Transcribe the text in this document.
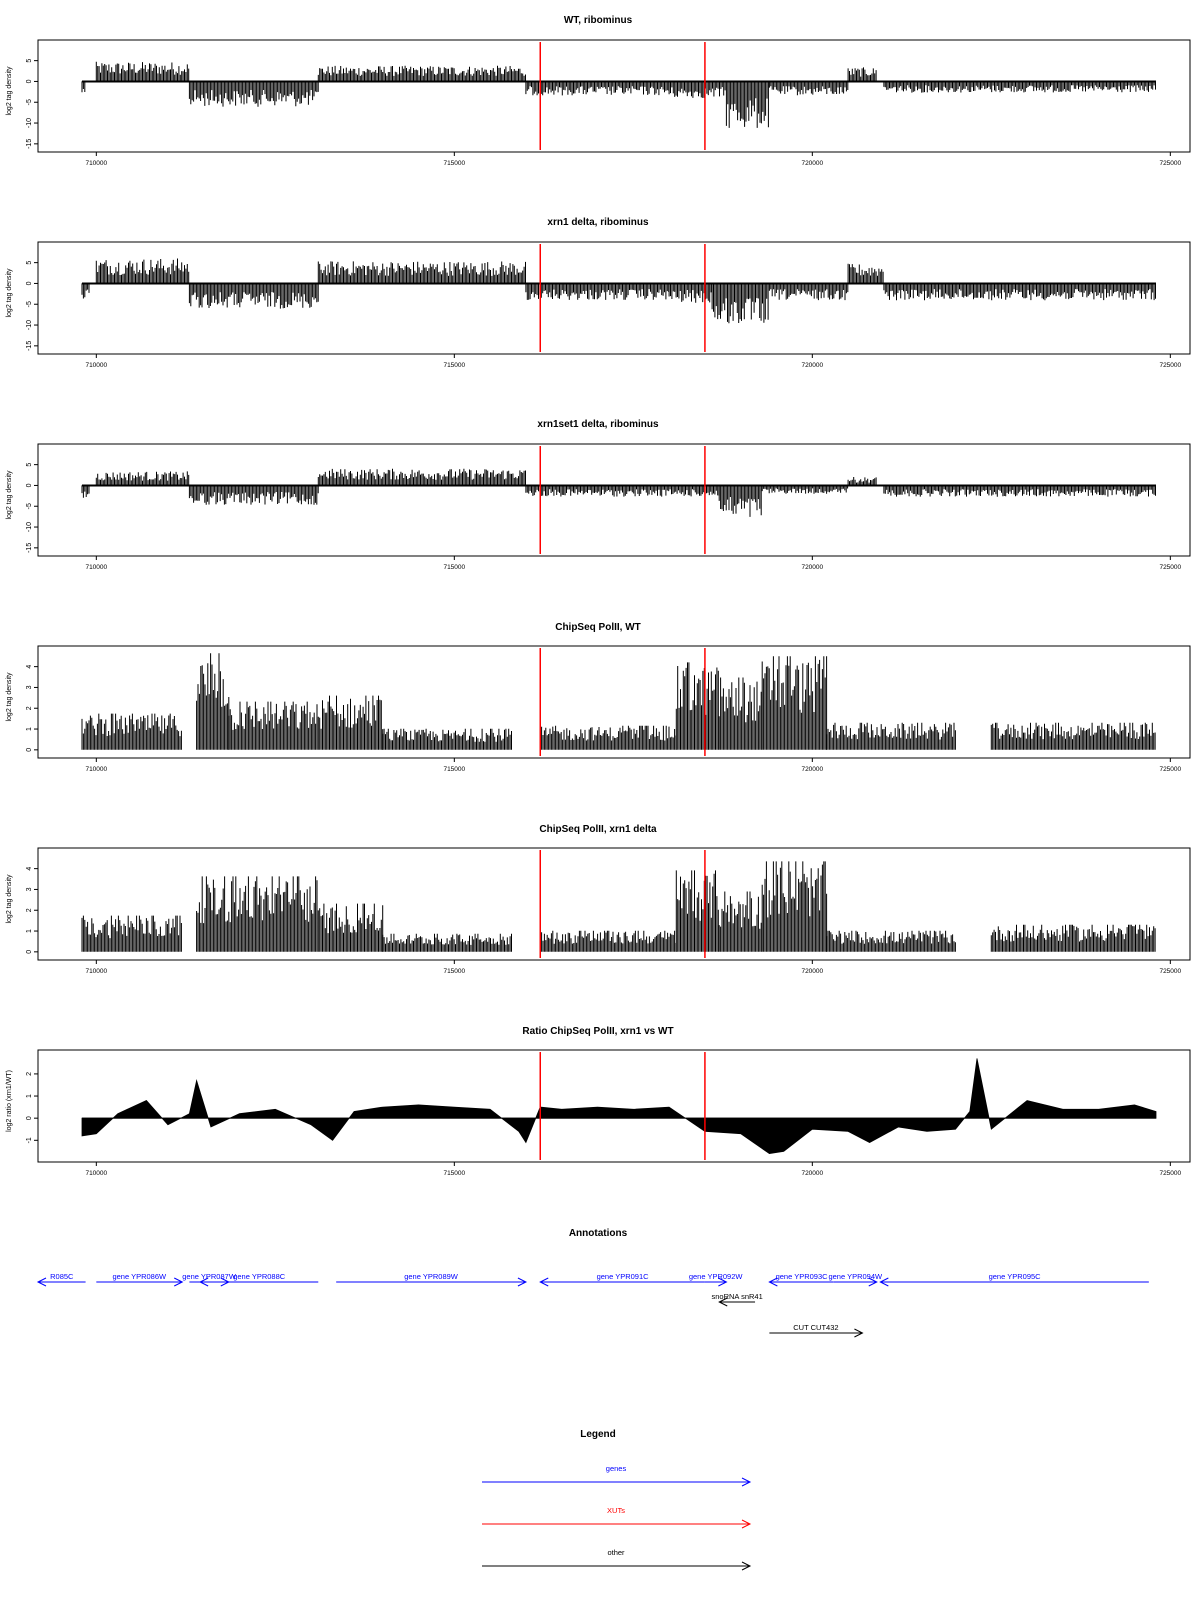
WT, ribominus
log2 tag density
-15
-10
-5
0
5
710000	715000	720000	725000
xrn1 delta, ribominus
log2 tag density
-15
-10
-5
0
5
710000	715000	720000	725000
xrn1set1 delta, ribominus
log2 tag density
-15
-10
-5
0
5
710000	715000	720000	725000
ChipSeq PolII, WT
log2 tag density
0
1
2
3
4
710000	715000	720000	725000
ChipSeq PolII, xrn1 delta
log2 tag density
0
1
2
3
4
710000	715000	720000	725000
Ratio ChipSeq PolII, xrn1 vs WT
log2 ratio (xrn1/WT)
-1
0
1
2
710000	715000	720000	725000
Annotations
R085C	gene YPR086W gene YPR087W
gene YPR088C	gene YPR089W	gene YPR091C	gene YPR092W	gene YPR093C gene YPR094W	gene YPR095C
snoRNA snR41
CUT CUT432
Legend
genes
XUTs
other
